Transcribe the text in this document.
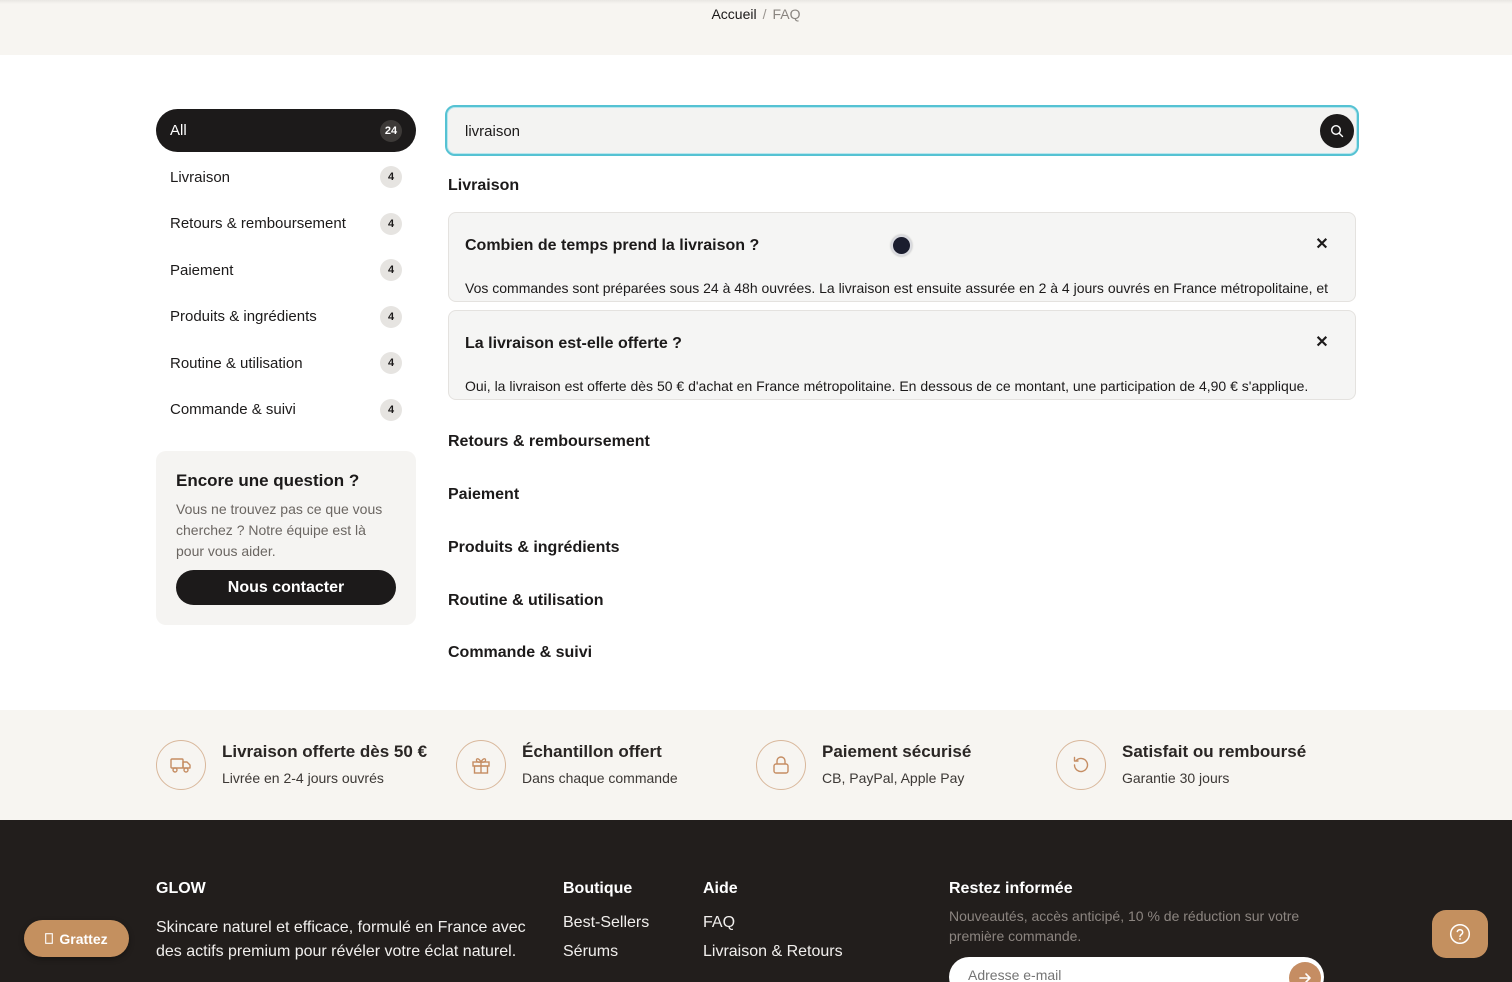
Accueil / FAQ
All	24
Livraison	4
Retours & remboursement	4
Paiement	4
Produits & ingrédients	4
Routine & utilisation	4
Commande & suivi	4
Encore une question ?

Vous ne trouvez pas ce que vous cherchez ? Notre équipe est là pour vous aider.

Nous contacter
livraison
Livraison
Combien de temps prend la livraison ?	✕
Vos commandes sont préparées sous 24 à 48h ouvrées. La livraison est ensuite assurée en 2 à 4 jours ouvrés en France métropolitaine, et
La livraison est-elle offerte ?	✕
Oui, la livraison est offerte dès 50 € d'achat en France métropolitaine. En dessous de ce montant, une participation de 4,90 € s'applique.
Retours & remboursement
Paiement
Produits & ingrédients
Routine & utilisation
Commande & suivi
Livraison offerte dès 50 €
Livrée en 2-4 jours ouvrés
Échantillon offert
Dans chaque commande
Paiement sécurisé
CB, PayPal, Apple Pay
Satisfait ou remboursé
Garantie 30 jours
GLOW
Skincare naturel et efficace, formulé en France avec des actifs premium pour révéler votre éclat naturel.
Boutique
Best-Sellers
Sérums
Aide
FAQ
Livraison & Retours
Restez informée

Nouveautés, accès anticipé, 10 % de réduction sur votre première commande.

Adresse e-mail
Grattez
